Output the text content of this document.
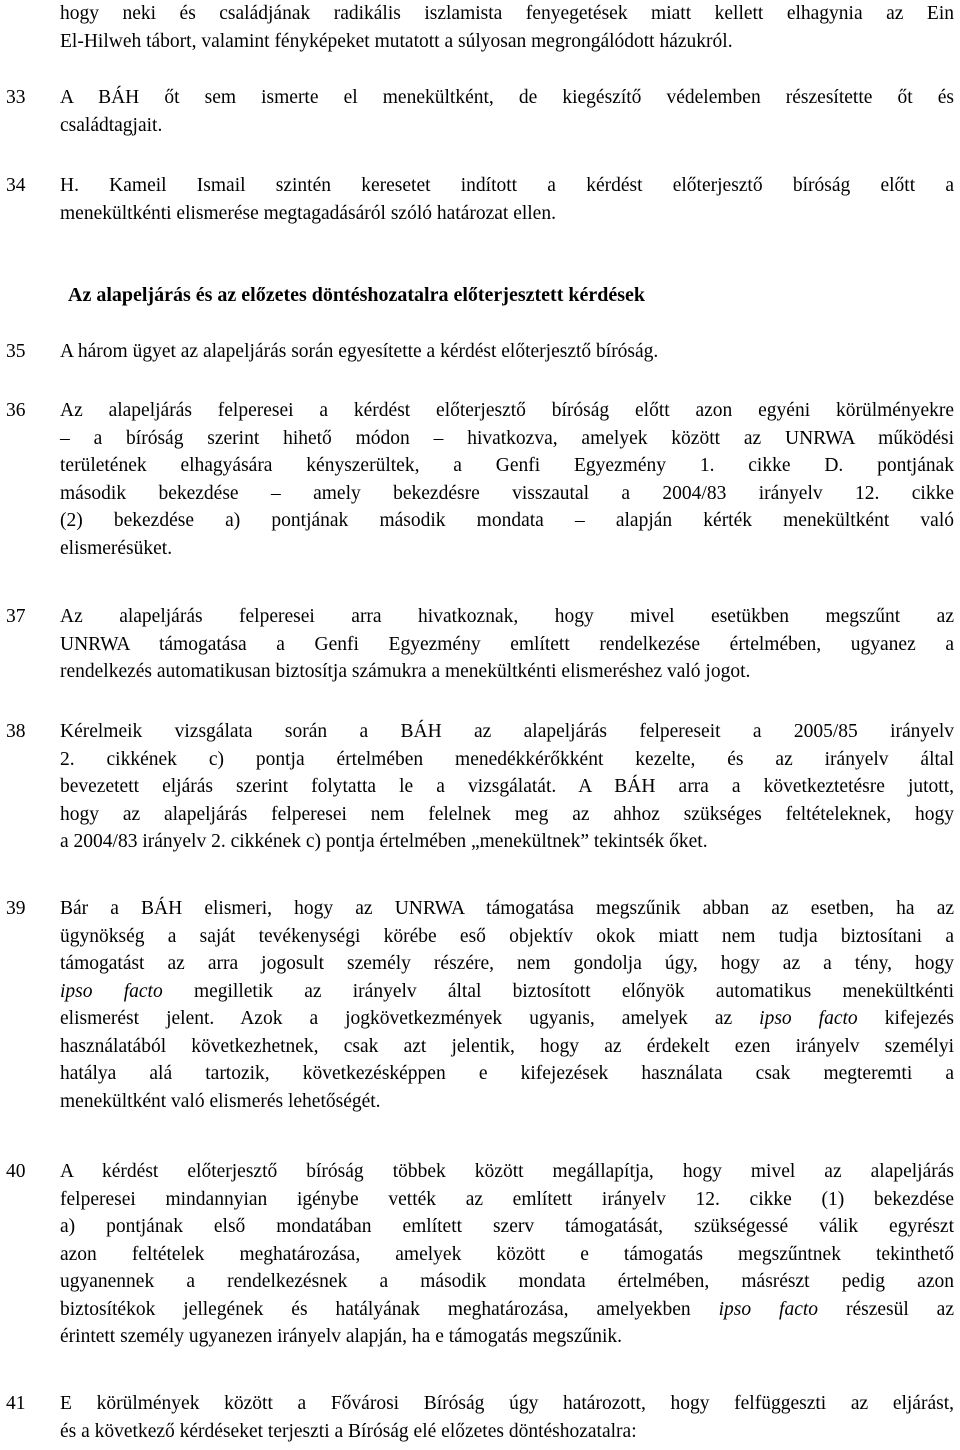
hogy neki és családjának radikális iszlamista fenyegetések miatt kellett elhagynia az Ein
El-Hilweh tábort, valamint fényképeket mutatott a súlyosan megrongálódott házukról.

33 A BÁH őt sem ismerte el menekültként, de kiegészítő védelemben részesítette őt és
családtagjait.

34 H. Kameil Ismail szintén keresetet indított a kérdést előterjesztő bíróság előtt a
menekültkénti elismerése megtagadásáról szóló határozat ellen.

Az alapeljárás és az előzetes döntéshozatalra előterjesztett kérdések

35 A három ügyet az alapeljárás során egyesítette a kérdést előterjesztő bíróság.

36 Az alapeljárás felperesei a kérdést előterjesztő bíróság előtt azon egyéni körülményekre
– a bíróság szerint hihető módon – hivatkozva, amelyek között az UNRWA működési
területének elhagyására kényszerültek, a Genfi Egyezmény 1. cikke D. pontjának
második bekezdése – amely bekezdésre visszautal a 2004/83 irányelv 12. cikke
(2) bekezdése a) pontjának második mondata – alapján kérték menekültként való
elismerésüket.

37 Az alapeljárás felperesei arra hivatkoznak, hogy mivel esetükben megszűnt az
UNRWA támogatása a Genfi Egyezmény említett rendelkezése értelmében, ugyanez a
rendelkezés automatikusan biztosítja számukra a menekültkénti elismeréshez való jogot.

38 Kérelmeik vizsgálata során a BÁH az alapeljárás felpereseit a 2005/85 irányelv
2. cikkének c) pontja értelmében menedékkérőkként kezelte, és az irányelv által
bevezetett eljárás szerint folytatta le a vizsgálatát. A BÁH arra a következtetésre jutott,
hogy az alapeljárás felperesei nem felelnek meg az ahhoz szükséges feltételeknek, hogy
a 2004/83 irányelv 2. cikkének c) pontja értelmében „menekültnek” tekintsék őket.

39 Bár a BÁH elismeri, hogy az UNRWA támogatása megszűnik abban az esetben, ha az
ügynökség a saját tevékenységi körébe eső objektív okok miatt nem tudja biztosítani a
támogatást az arra jogosult személy részére, nem gondolja úgy, hogy az a tény, hogy
ipso facto megilletik az irányelv által biztosított előnyök automatikus menekültkénti
elismerést jelent. Azok a jogkövetkezmények ugyanis, amelyek az ipso facto kifejezés
használatából következhetnek, csak azt jelentik, hogy az érdekelt ezen irányelv személyi
hatálya alá tartozik, következésképpen e kifejezések használata csak megteremti a
menekültként való elismerés lehetőségét.

40 A kérdést előterjesztő bíróság többek között megállapítja, hogy mivel az alapeljárás
felperesei mindannyian igénybe vették az említett irányelv 12. cikke (1) bekezdése
a) pontjának első mondatában említett szerv támogatását, szükségessé válik egyrészt
azon feltételek meghatározása, amelyek között e támogatás megszűntnek tekinthető
ugyanennek a rendelkezésnek a második mondata értelmében, másrészt pedig azon
biztosítékok jellegének és hatályának meghatározása, amelyekben ipso facto részesül az
érintett személy ugyanezen irányelv alapján, ha e támogatás megszűnik.

41 E körülmények között a Fővárosi Bíróság úgy határozott, hogy felfüggeszti az eljárást,
és a következő kérdéseket terjeszti a Bíróság elé előzetes döntéshozatalra:
